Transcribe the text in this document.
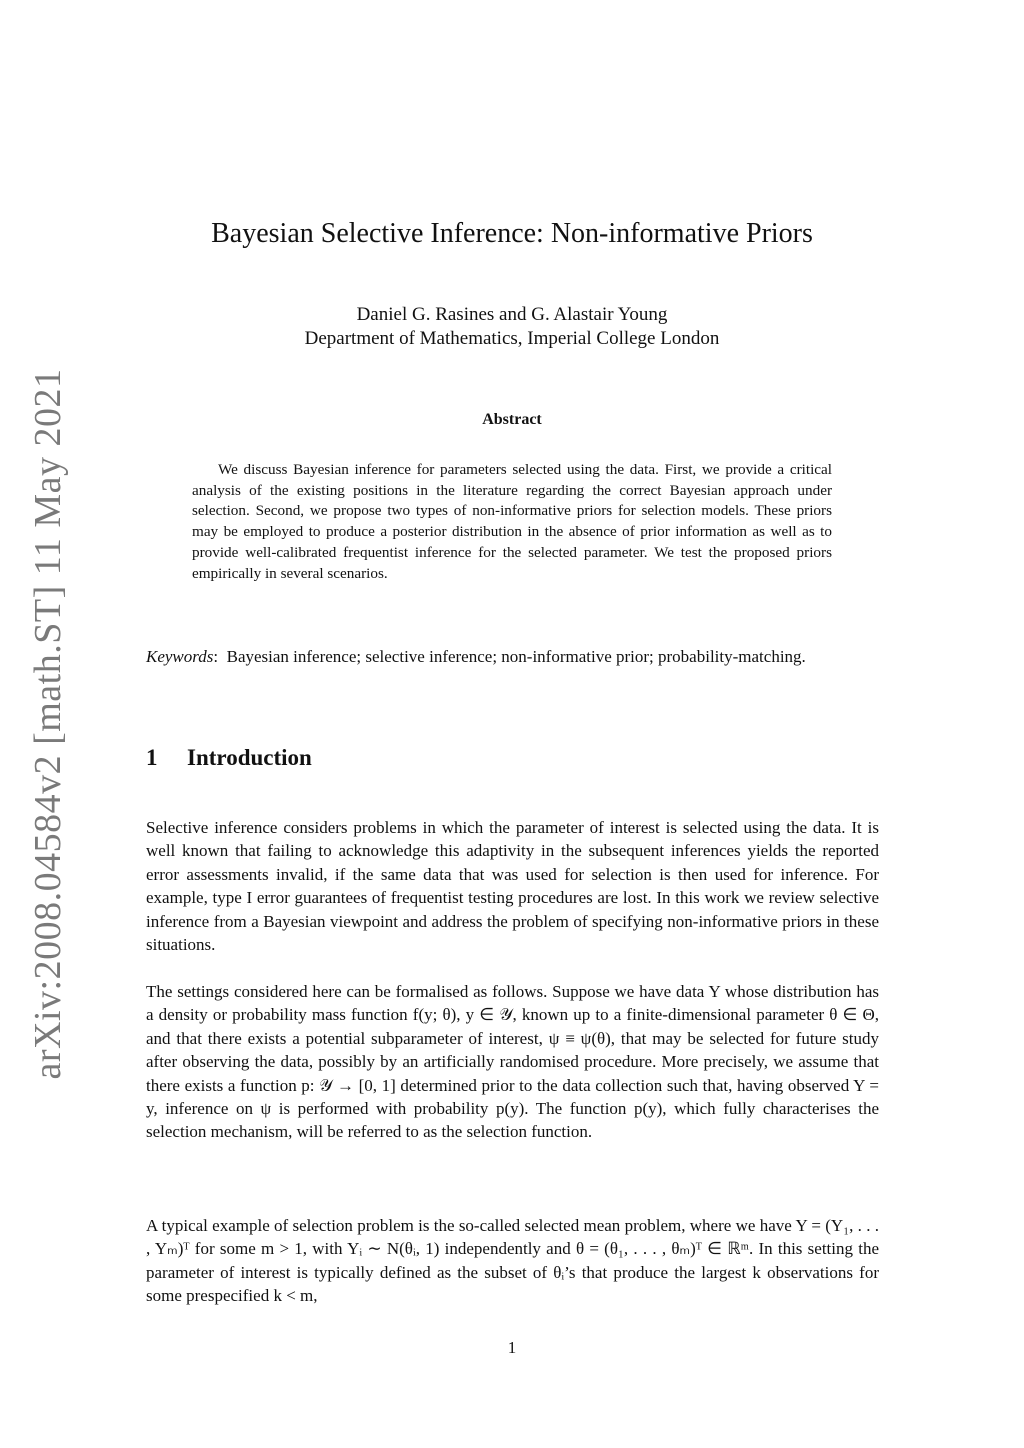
arXiv:2008.04584v2 [math.ST] 11 May 2021
Bayesian Selective Inference: Non-informative Priors
Daniel G. Rasines and G. Alastair Young
Department of Mathematics, Imperial College London
Abstract

We discuss Bayesian inference for parameters selected using the data. First, we provide a critical analysis of the existing positions in the literature regarding the correct Bayesian approach under selection. Second, we propose two types of non-informative priors for selection models. These priors may be employed to produce a posterior distribution in the absence of prior information as well as to provide well-calibrated frequentist inference for the selected parameter. We test the proposed priors empirically in several scenarios.

Keywords:  Bayesian inference; selective inference; non-informative prior; probability-matching.
1 Introduction

Selective inference considers problems in which the parameter of interest is selected using the data. It is well known that failing to acknowledge this adaptivity in the subsequent inferences yields the reported error assessments invalid, if the same data that was used for selection is then used for inference. For example, type I error guarantees of frequentist testing procedures are lost. In this work we review selective inference from a Bayesian viewpoint and address the problem of specifying non-informative priors in these situations.

The settings considered here can be formalised as follows. Suppose we have data Y whose distribution has a density or probability mass function f(y; θ), y ∈ 𝒴, known up to a finite-dimensional parameter θ ∈ Θ, and that there exists a potential subparameter of interest, ψ ≡ ψ(θ), that may be selected for future study after observing the data, possibly by an artificially randomised procedure. More precisely, we assume that there exists a function p: 𝒴 → [0, 1] determined prior to the data collection such that, having observed Y = y, inference on ψ is performed with probability p(y). The function p(y), which fully characterises the selection mechanism, will be referred to as the selection function.

A typical example of selection problem is the so-called selected mean problem, where we have Y = (Y₁, . . . , Yₘ)ᵀ for some m > 1, with Yᵢ ∼ N(θᵢ, 1) independently and θ = (θ₁, . . . , θₘ)ᵀ ∈ ℝᵐ. In this setting the parameter of interest is typically defined as the subset of θᵢ’s that produce the largest k observations for some prespecified k < m,

1
